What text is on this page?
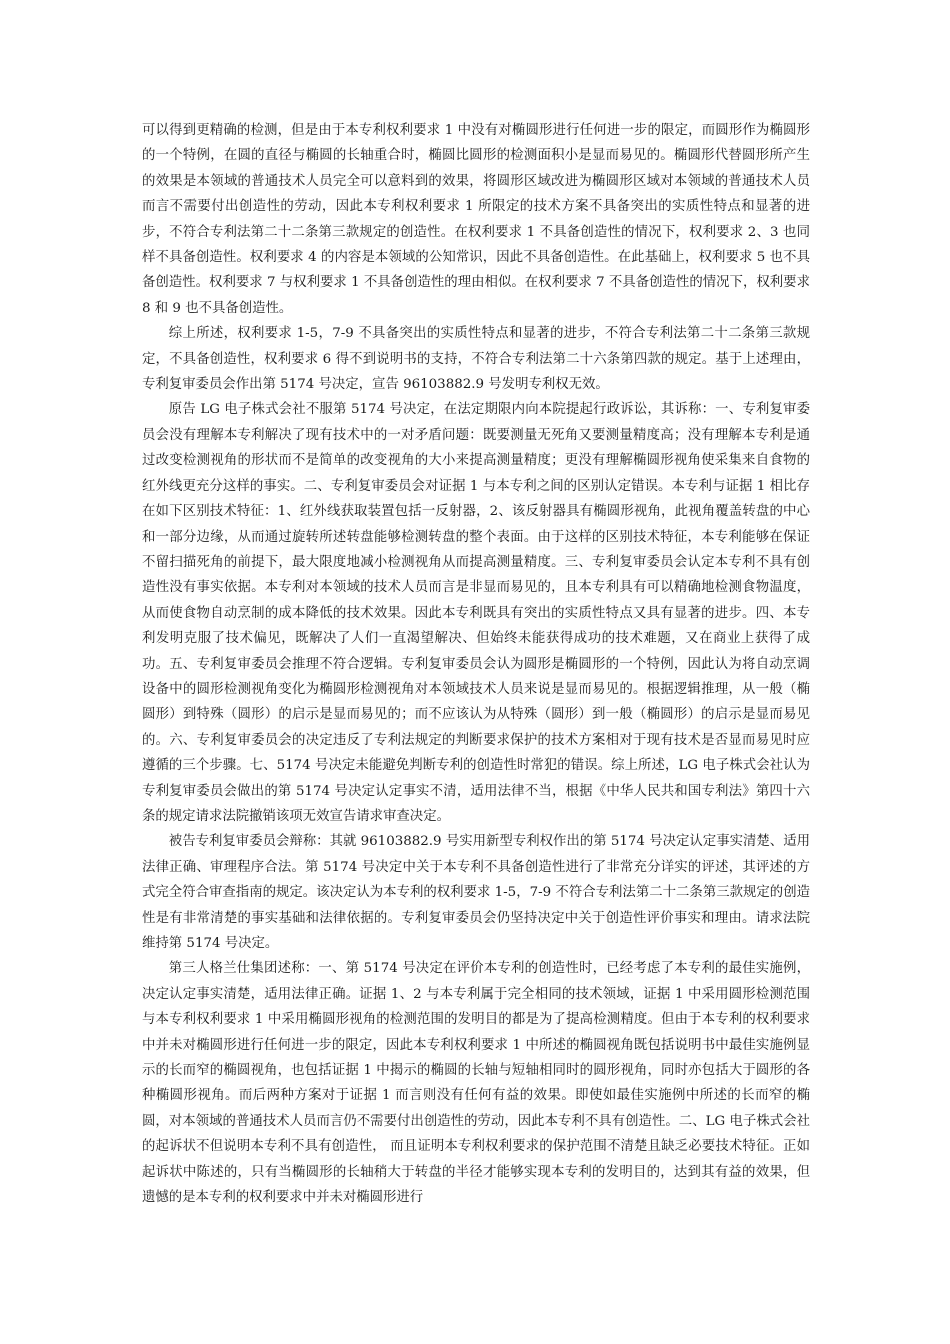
可以得到更精确的检测，但是由于本专利权利要求 1 中没有对椭圆形进行任何进一步的限定，而圆形作为椭圆形的一个特例，在圆的直径与椭圆的长轴重合时，椭圆比圆形的检测面积小是显而易见的。椭圆形代替圆形所产生的效果是本领域的普通技术人员完全可以意料到的效果，将圆形区域改进为椭圆形区域对本领域的普通技术人员而言不需要付出创造性的劳动，因此本专利权利要求 1 所限定的技术方案不具备突出的实质性特点和显著的进步，不符合专利法第二十二条第三款规定的创造性。在权利要求 1 不具备创造性的情况下，权利要求 2、3 也同样不具备创造性。权利要求 4 的内容是本领域的公知常识，因此不具备创造性。在此基础上，权利要求 5 也不具备创造性。权利要求 7 与权利要求 1 不具备创造性的理由相似。在权利要求 7 不具备创造性的情况下，权利要求8 和 9 也不具备创造性。

综上所述，权利要求 1-5，7-9 不具备突出的实质性特点和显著的进步，不符合专利法第二十二条第三款规定，不具备创造性，权利要求 6 得不到说明书的支持，不符合专利法第二十六条第四款的规定。基于上述理由，专利复审委员会作出第 5174 号决定，宣告 96103882.9 号发明专利权无效。

原告 LG 电子株式会社不服第 5174 号决定，在法定期限内向本院提起行政诉讼，其诉称：一、专利复审委员会没有理解本专利解决了现有技术中的一对矛盾问题：既要测量无死角又要测量精度高；没有理解本专利是通过改变检测视角的形状而不是简单的改变视角的大小来提高测量精度；更没有理解椭圆形视角使采集来自食物的红外线更充分这样的事实。二、专利复审委员会对证据 1 与本专利之间的区别认定错误。本专利与证据 1 相比存在如下区别技术特征：1、红外线获取装置包括一反射器，2、该反射器具有椭圆形视角，此视角覆盖转盘的中心和一部分边缘，从而通过旋转所述转盘能够检测转盘的整个表面。由于这样的区别技术特征，本专利能够在保证不留扫描死角的前提下，最大限度地减小检测视角从而提高测量精度。三、专利复审委员会认定本专利不具有创造性没有事实依据。本专利对本领域的技术人员而言是非显而易见的，且本专利具有可以精确地检测食物温度，从而使食物自动烹制的成本降低的技术效果。因此本专利既具有突出的实质性特点又具有显著的进步。四、本专利发明克服了技术偏见，既解决了人们一直渴望解决、但始终未能获得成功的技术难题，又在商业上获得了成功。五、专利复审委员会推理不符合逻辑。专利复审委员会认为圆形是椭圆形的一个特例，因此认为将自动烹调设备中的圆形检测视角变化为椭圆形检测视角对本领域技术人员来说是显而易见的。根据逻辑推理，从一般（椭圆形）到特殊（圆形）的启示是显而易见的；而不应该认为从特殊（圆形）到一般（椭圆形）的启示是显而易见的。六、专利复审委员会的决定违反了专利法规定的判断要求保护的技术方案相对于现有技术是否显而易见时应遵循的三个步骤。七、5174 号决定未能避免判断专利的创造性时常犯的错误。综上所述，LG 电子株式会社认为专利复审委员会做出的第 5174 号决定认定事实不清，适用法律不当，根据《中华人民共和国专利法》第四十六条的规定请求法院撤销该项无效宣告请求审查决定。

被告专利复审委员会辩称：其就 96103882.9 号实用新型专利权作出的第 5174 号决定认定事实清楚、适用法律正确、审理程序合法。第 5174 号决定中关于本专利不具备创造性进行了非常充分详实的评述，其评述的方式完全符合审查指南的规定。该决定认为本专利的权利要求 1-5，7-9 不符合专利法第二十二条第三款规定的创造性是有非常清楚的事实基础和法律依据的。专利复审委员会仍坚持决定中关于创造性评价事实和理由。请求法院维持第 5174 号决定。

第三人格兰仕集团述称：一、第 5174 号决定在评价本专利的创造性时，已经考虑了本专利的最佳实施例，决定认定事实清楚，适用法律正确。证据 1、2 与本专利属于完全相同的技术领域，证据 1 中采用圆形检测范围与本专利权利要求 1 中采用椭圆形视角的检测范围的发明目的都是为了提高检测精度。但由于本专利的权利要求中并未对椭圆形进行任何进一步的限定，因此本专利权利要求 1 中所述的椭圆视角既包括说明书中最佳实施例显示的长而窄的椭圆视角，也包括证据 1 中揭示的椭圆的长轴与短轴相同时的圆形视角，同时亦包括大于圆形的各种椭圆形视角。而后两种方案对于证据 1 而言则没有任何有益的效果。即使如最佳实施例中所述的长而窄的椭圆，对本领域的普通技术人员而言仍不需要付出创造性的劳动，因此本专利不具有创造性。二、LG 电子株式会社的起诉状不但说明本专利不具有创造性， 而且证明本专利权利要求的保护范围不清楚且缺乏必要技术特征。正如起诉状中陈述的，只有当椭圆形的长轴稍大于转盘的半径才能够实现本专利的发明目的，达到其有益的效果，但遗憾的是本专利的权利要求中并未对椭圆形进行
